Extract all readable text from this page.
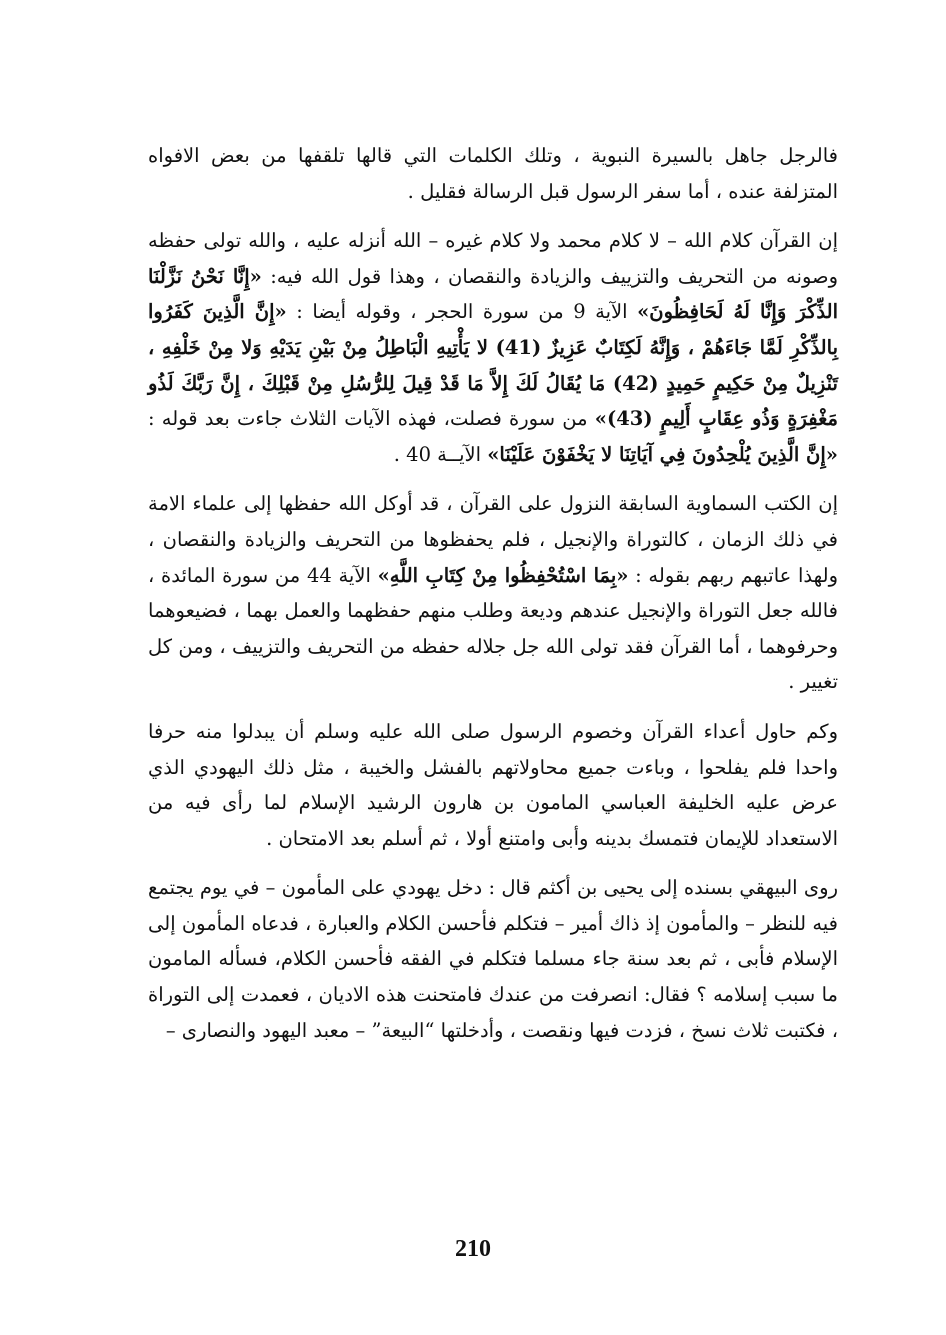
فالرجل جاهل بالسيرة النبوية ، وتلك الكلمات التي قالها تلقفها من بعض الافواه المتزلفة عنده ، أما سفر الرسول قبل الرسالة فقليل .

إن القرآن كلام الله – لا كلام محمد ولا كلام غيره – الله أنزله عليه ، والله تولى حفظه وصونه من التحريف والتزييف والزيادة والنقصان ، وهذا قول الله فيه: «إِنَّا نَحْنُ نَزَّلْنَا الذِّكْرَ وَإِنَّا لَهُ لَحَافِظُونَ» الآية 9 من سورة الحجر ، وقوله أيضا : «إِنَّ الَّذِينَ كَفَرُوا بِالذِّكْرِ لَمَّا جَاءَهُمْ ، وَإِنَّهُ لَكِتَابٌ عَزِيزٌ (41) لا يَأْتِيهِ الْبَاطِلُ مِنْ بَيْنِ يَدَيْهِ وَلا مِنْ خَلْفِهِ ، تَنْزِيلٌ مِنْ حَكِيمٍ حَمِيدٍ (42) مَا يُقَالُ لَكَ إِلاَّ مَا قَدْ قِيلَ لِلرُّسُلِ مِنْ قَبْلِكَ ، إِنَّ رَبَّكَ لَذُو مَغْفِرَةٍ وَذُو عِقَابٍ أَلِيمٍ (43)» من سورة فصلت، فهذه الآيات الثلاث جاءت بعد قوله : «إِنَّ الَّذِينَ يُلْحِدُونَ فِي آيَاتِنَا لا يَخْفَوْنَ عَلَيْنَا» الآيــة 40 .

إن الكتب السماوية السابقة النزول على القرآن ، قد أوكل الله حفظها إلى علماء الامة في ذلك الزمان ، كالتوراة والإنجيل ، فلم يحفظوها من التحريف والزيادة والنقصان ، ولهذا عاتبهم ربهم بقوله : «بِمَا اسْتُحْفِظُوا مِنْ كِتَابِ اللَّهِ» الآية 44 من سورة المائدة ، فالله جعل التوراة والإنجيل عندهم وديعة وطلب منهم حفظهما والعمل بهما ، فضيعوهما وحرفوهما ، أما القرآن فقد تولى الله جل جلاله حفظه من التحريف والتزييف ، ومن كل تغيير .

وكم حاول أعداء القرآن وخصوم الرسول صلى الله عليه وسلم أن يبدلوا منه حرفا واحدا فلم يفلحوا ، وباءت جميع محاولاتهم بالفشل والخيبة ، مثل ذلك اليهودي الذي عرض عليه الخليفة العباسي المامون بن هارون الرشيد الإسلام لما رأى فيه من الاستعداد للإيمان فتمسك بدينه وأبى وامتنع أولا ، ثم أسلم بعد الامتحان .

روى البيهقي بسنده إلى يحيى بن أكثم قال : دخل يهودي على المأمون – في يوم يجتمع فيه للنظر – والمأمون إذ ذاك أمير – فتكلم فأحسن الكلام والعبارة ، فدعاه المأمون إلى الإسلام فأبى ، ثم بعد سنة جاء مسلما فتكلم في الفقه فأحسن الكلام، فسأله المامون ما سبب إسلامه ؟ فقال: انصرفت من عندك فامتحنت هذه الاديان ، فعمدت إلى التوراة ، فكتبت ثلاث نسخ ، فزدت فيها ونقصت ، وأدخلتها “البيعة” – معبد اليهود والنصارى –

210
